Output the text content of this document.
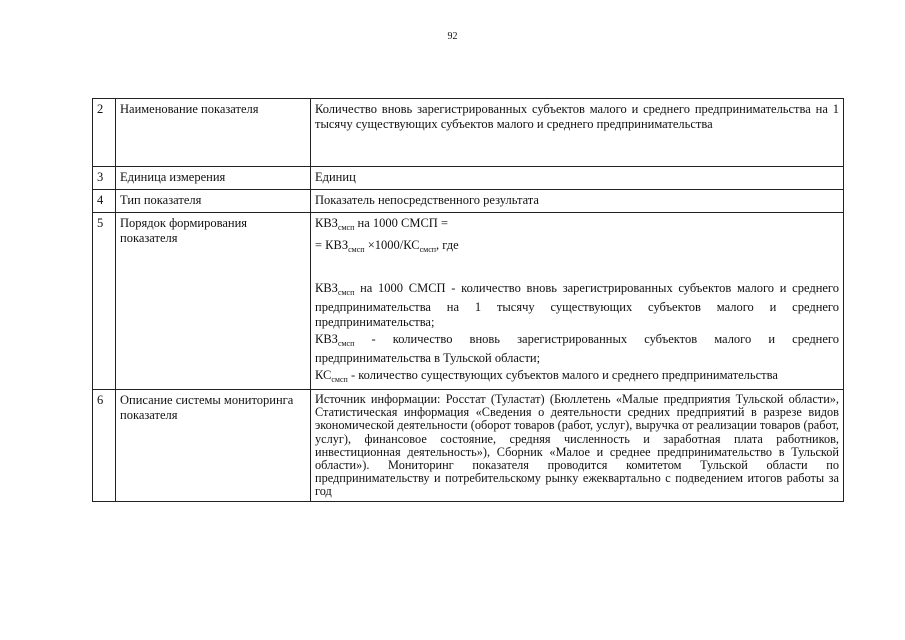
92
2	Наименование показателя	Количество вновь зарегистрированных субъектов малого и среднего предпринимательства на 1 тысячу существующих субъектов малого и среднего предпринимательства
3	Единица измерения	Единиц
4	Тип показателя	Показатель непосредственного результата
5	Порядок формирования показателя	$КВЗ_{смсп}$ на 1000 СМСП =

= $КВЗ_{смсп} \times 1000/КС_{смсп}$, где

$КВЗ_{смсп}$ на 1000 СМСП - количество вновь зарегистрированных субъектов малого и среднего предпринимательства на 1 тысячу существующих субъектов малого и среднего предпринимательства;

$КВЗ_{смсп}$ - количество вновь зарегистрированных субъектов малого и среднего предпринимательства в Тульской области;

$КС_{смсп}$ - количество существующих субъектов малого и среднего предпринимательства

6	Описание системы мониторинга показателя	Источник информации: Росстат (Туластат) (Бюллетень «Малые предприятия Тульской области», Статистическая информация «Сведения о деятельности средних предприятий в разрезе видов экономической деятельности (оборот товаров (работ, услуг), выручка от реализации товаров (работ, услуг), финансовое состояние, средняя численность и заработная плата работников, инвестиционная деятельность»), Сборник «Малое и среднее предпринимательство в Тульской области»). Мониторинг показателя проводится комитетом Тульской области по предпринимательству и потребительскому рынку ежеквартально с подведением итогов работы за год
